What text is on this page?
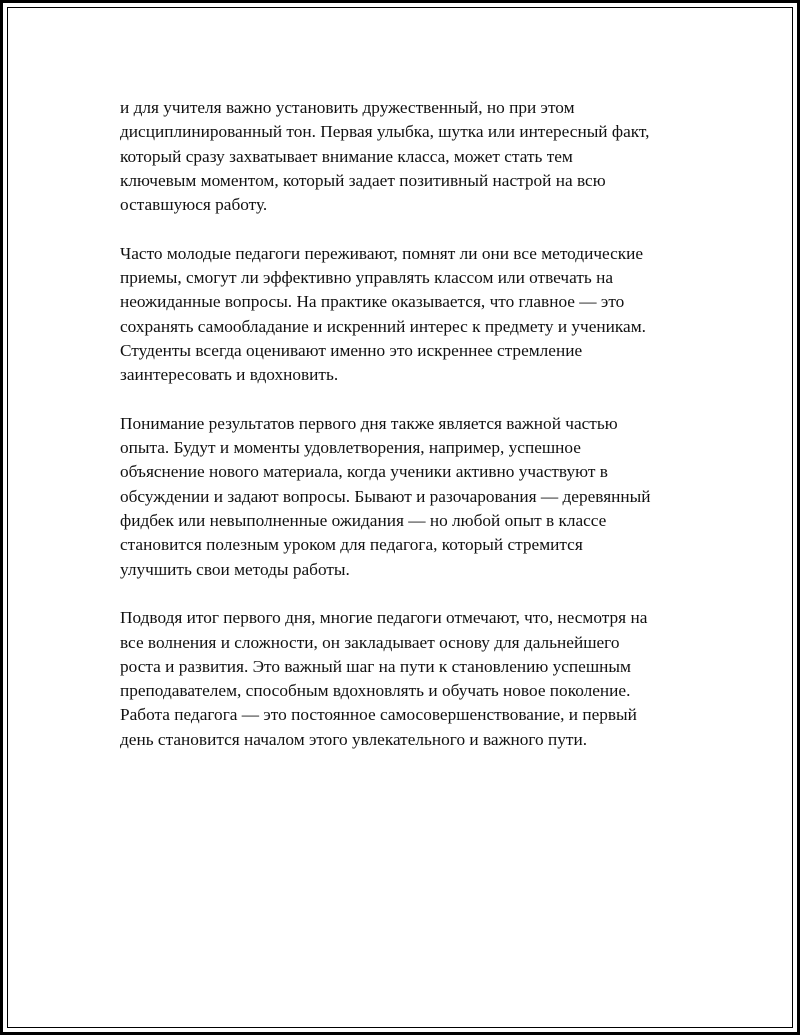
и для учителя важно установить дружественный, но при этом
дисциплинированный тон. Первая улыбка, шутка или интересный факт,
который сразу захватывает внимание класса, может стать тем
ключевым моментом, который задает позитивный настрой на всю
оставшуюся работу.

Часто молодые педагоги переживают, помнят ли они все методические
приемы, смогут ли эффективно управлять классом или отвечать на
неожиданные вопросы. На практике оказывается, что главное — это
сохранять самообладание и искренний интерес к предмету и ученикам.
Студенты всегда оценивают именно это искреннее стремление
заинтересовать и вдохновить.

Понимание результатов первого дня также является важной частью
опыта. Будут и моменты удовлетворения, например, успешное
объяснение нового материала, когда ученики активно участвуют в
обсуждении и задают вопросы. Бывают и разочарования — деревянный
фидбек или невыполненные ожидания — но любой опыт в классе
становится полезным уроком для педагога, который стремится
улучшить свои методы работы.

Подводя итог первого дня, многие педагоги отмечают, что, несмотря на
все волнения и сложности, он закладывает основу для дальнейшего
роста и развития. Это важный шаг на пути к становлению успешным
преподавателем, способным вдохновлять и обучать новое поколение.
Работа педагога — это постоянное самосовершенствование, и первый
день становится началом этого увлекательного и важного пути.
